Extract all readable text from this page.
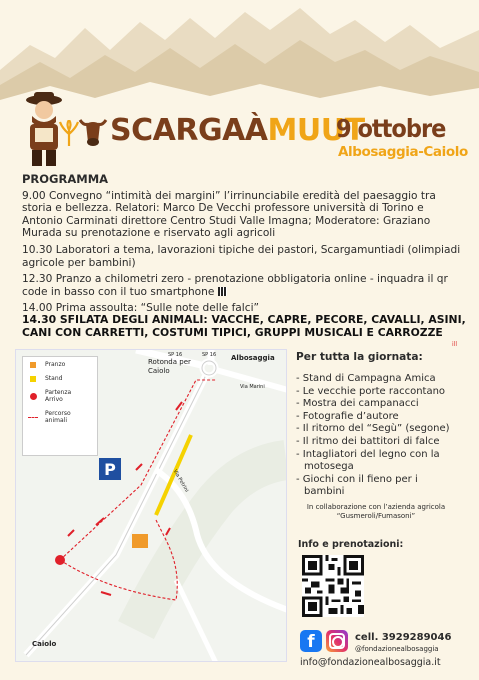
SCARGAÀMUUT
9 ottobre
Albosaggia-Caiolo
PROGRAMMA
9.00 Convegno “intimità dei margini” l’irrinunciabile eredità del paesaggio tra storia e bellezza. Relatori: Marco De Vecchi professore università di Torino e Antonio Carminati direttore Centro Studi Valle Imagna; Moderatore: Graziano Murada su prenotazione e riservato agli agricoli
10.30 Laboratori a tema, lavorazioni tipiche dei pastori, Scargamuntiadi (olimpiadi agricole per bambini)
12.30 Pranzo a chilometri zero - prenotazione obbligatoria online - inquadra il qr code in basso con il tuo smartphone
14.00 Prima assoulta: “Sulle note delle falci”
14.30 SFILATA DEGLI ANIMALI: VACCHE, CAPRE, PECORE, CAVALLI, ASINI, CANI CON CARRETTI, COSTUMI TIPICI, GRUPPI MUSICALI E CARROZZE
ill
Pranzo
Stand
Partenza Arrivo
Percorso animali
Albosaggia
Rotonda per Caiolo
Via Marini
SP 16	SP 16
Via Petrini
Caiolo
P
Per tutta la giornata:
- Stand di Campagna Amica
- Le vecchie porte raccontano
- Mostra dei campanacci
- Fotografie d’autore
- Il ritorno del “Segù” (segone)
- Il ritmo dei battitori di falce
- Intagliatori del legno con la
motosega
- Giochi con il fieno per i
bambini
In collaborazione con l’azienda agricola “Gusmeroli/Fumasoni”
Info e prenotazioni:
f	cell. 3929289046
@fondazionealbosaggia
info@fondazionealbosaggia.it
